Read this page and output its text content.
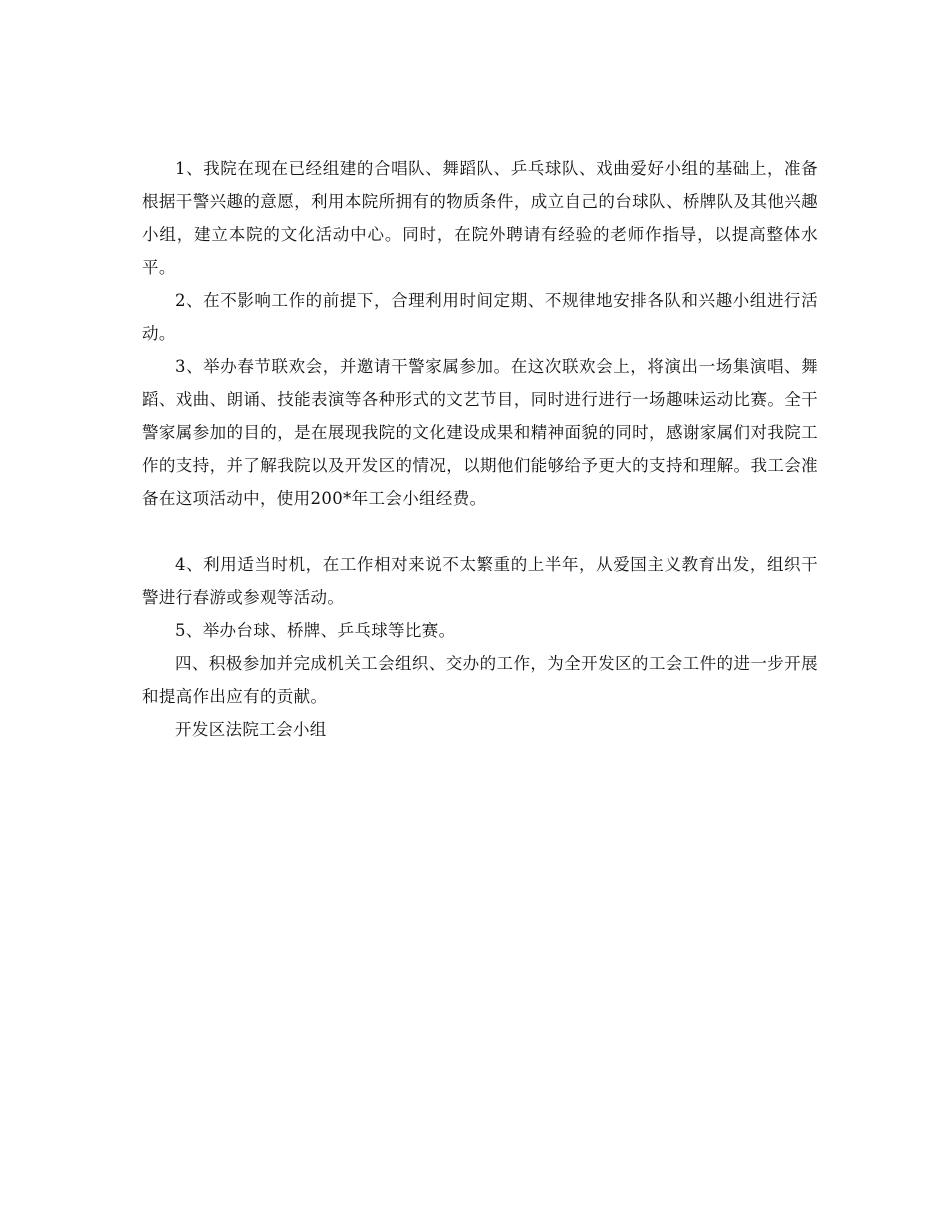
1、我院在现在已经组建的合唱队、舞蹈队、乒乓球队、戏曲爱好小组的基础上，准备根据干警兴趣的意愿，利用本院所拥有的物质条件，成立自己的台球队、桥牌队及其他兴趣小组，建立本院的文化活动中心。同时，在院外聘请有经验的老师作指导，以提高整体水平。

2、在不影响工作的前提下，合理利用时间定期、不规律地安排各队和兴趣小组进行活动。

3、举办春节联欢会，并邀请干警家属参加。在这次联欢会上，将演出一场集演唱、舞蹈、戏曲、朗诵、技能表演等各种形式的文艺节目，同时进行进行一场趣味运动比赛。全干警家属参加的目的，是在展现我院的文化建设成果和精神面貌的同时，感谢家属们对我院工作的支持，并了解我院以及开发区的情况，以期他们能够给予更大的支持和理解。我工会准备在这项活动中，使用200*年工会小组经费。

4、利用适当时机，在工作相对来说不太繁重的上半年，从爱国主义教育出发，组织干警进行春游或参观等活动。

5、举办台球、桥牌、乒乓球等比赛。

四、积极参加并完成机关工会组织、交办的工作，为全开发区的工会工件的进一步开展和提高作出应有的贡献。

开发区法院工会小组
